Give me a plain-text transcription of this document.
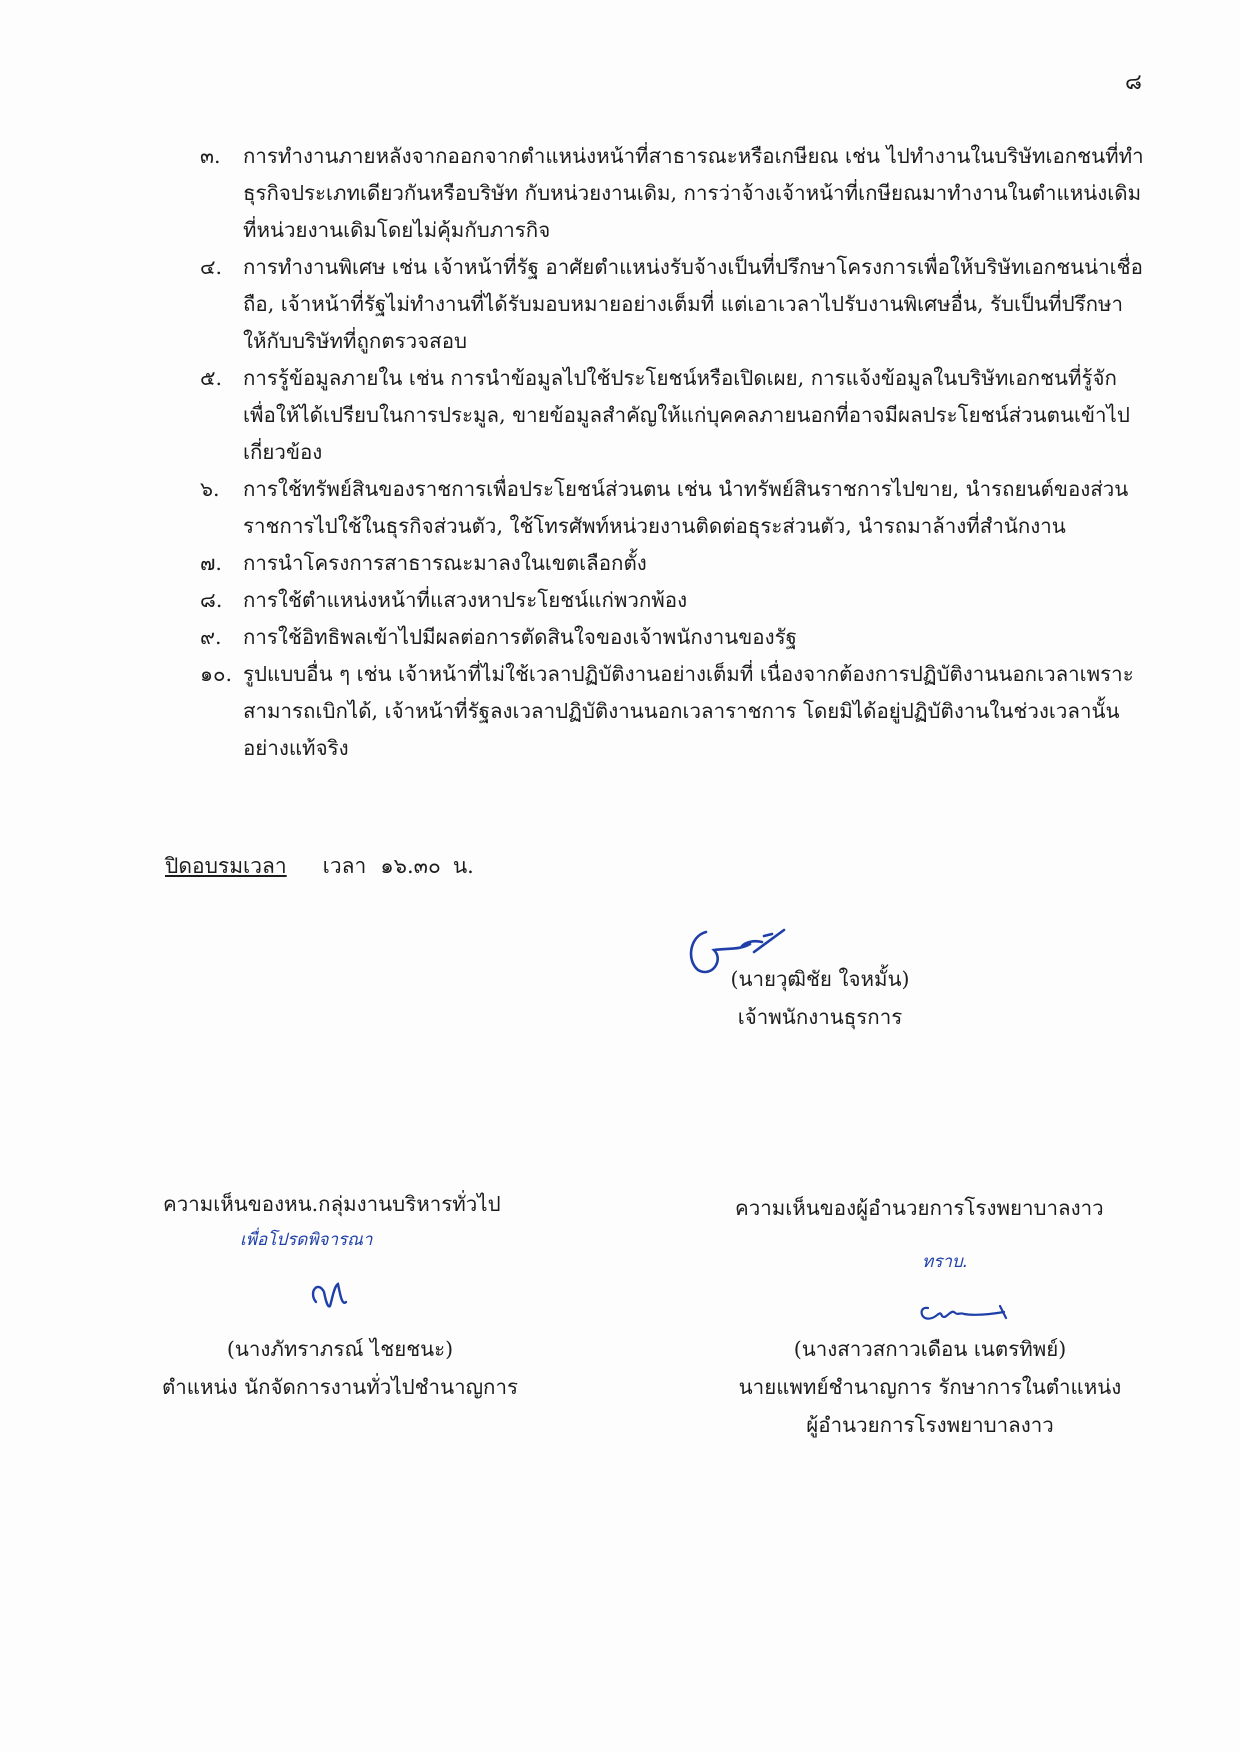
๘
๓.	การทำงานภายหลังจากออกจากตำแหน่งหน้าที่สาธารณะหรือเกษียณ เช่น ไปทำงานในบริษัทเอกชนที่ทำธุรกิจประเภทเดียวกันหรือบริษัท กับหน่วยงานเดิม, การว่าจ้างเจ้าหน้าที่เกษียณมาทำงานในตำแหน่งเดิมที่หน่วยงานเดิมโดยไม่คุ้มกับภารกิจ
๔.	การทำงานพิเศษ เช่น เจ้าหน้าที่รัฐ อาศัยตำแหน่งรับจ้างเป็นที่ปรึกษาโครงการเพื่อให้บริษัทเอกชนน่าเชื่อถือ, เจ้าหน้าที่รัฐไม่ทำงานที่ได้รับมอบหมายอย่างเต็มที่ แต่เอาเวลาไปรับงานพิเศษอื่น, รับเป็นที่ปรึกษาให้กับบริษัทที่ถูกตรวจสอบ
๕.	การรู้ข้อมูลภายใน เช่น การนำข้อมูลไปใช้ประโยชน์หรือเปิดเผย, การแจ้งข้อมูลในบริษัทเอกชนที่รู้จักเพื่อให้ได้เปรียบในการประมูล, ขายข้อมูลสำคัญให้แก่บุคคลภายนอกที่อาจมีผลประโยชน์ส่วนตนเข้าไปเกี่ยวข้อง
๖.	การใช้ทรัพย์สินของราชการเพื่อประโยชน์ส่วนตน เช่น นำทรัพย์สินราชการไปขาย, นำรถยนต์ของส่วนราชการไปใช้ในธุรกิจส่วนตัว, ใช้โทรศัพท์หน่วยงานติดต่อธุระส่วนตัว, นำรถมาล้างที่สำนักงาน
๗.	การนำโครงการสาธารณะมาลงในเขตเลือกตั้ง
๘.	การใช้ตำแหน่งหน้าที่แสวงหาประโยชน์แก่พวกพ้อง
๙.	การใช้อิทธิพลเข้าไปมีผลต่อการตัดสินใจของเจ้าพนักงานของรัฐ
๑๐. รูปแบบอื่น ๆ เช่น เจ้าหน้าที่ไม่ใช้เวลาปฏิบัติงานอย่างเต็มที่ เนื่องจากต้องการปฏิบัติงานนอกเวลาเพราะสามารถเบิกได้, เจ้าหน้าที่รัฐลงเวลาปฏิบัติงานนอกเวลาราชการ โดยมิได้อยู่ปฏิบัติงานในช่วงเวลานั้นอย่างแท้จริง
ปิดอบรมเวลา เวลา ๑๖.๓๐ น.
(นายวุฒิชัย ใจหมั้น)
เจ้าพนักงานธุรการ
ความเห็นของหน.กลุ่มงานบริหารทั่วไป
เพื่อโปรดพิจารณา
(นางภัทราภรณ์ ไชยชนะ)
ตำแหน่ง นักจัดการงานทั่วไปชำนาญการ
ความเห็นของผู้อำนวยการโรงพยาบาลงาว
ทราบ.
(นางสาวสกาวเดือน เนตรทิพย์)
นายแพทย์ชำนาญการ รักษาการในตำแหน่ง
ผู้อำนวยการโรงพยาบาลงาว
